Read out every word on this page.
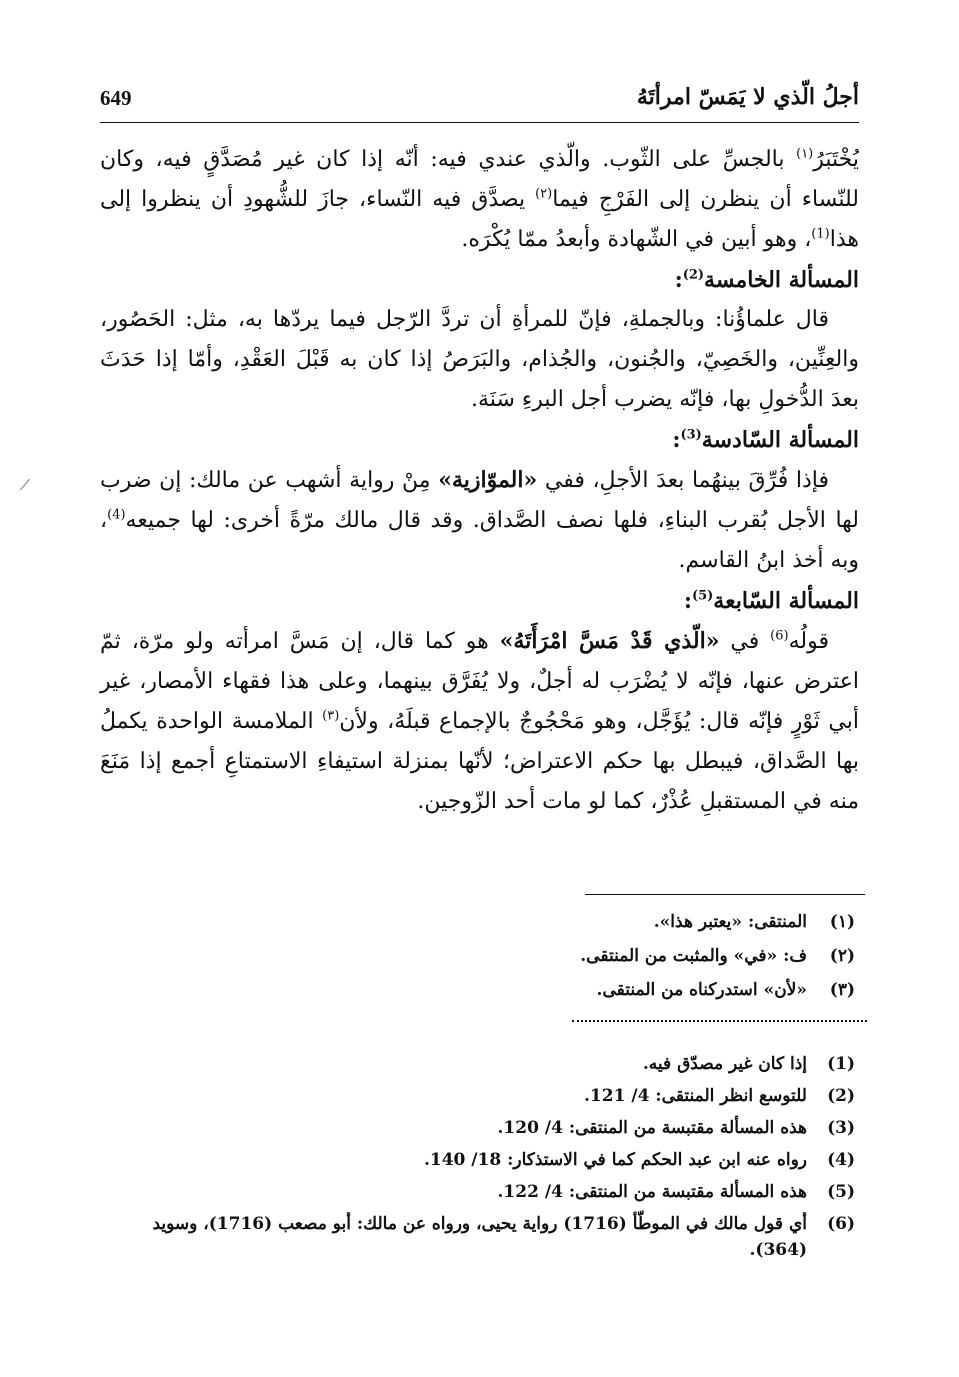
أجلُ الّذي لا يَمَسّ امرأتَهُ
649

يُخْتَبَرُ$^{(١)}$ بالجسِّ على الثّوب. والّذي عندي فيه: أنّه إذا كان غير مُصَدَّقٍ فيه، وكان للنّساء أن ينظرن إلى الفَرْجِ فيما$^{(٢)}$ يصدَّق فيه النّساء، جازَ للشُّهودِ أن ينظروا إلى هذا$^{(1)}$، وهو أبين في الشّهادة وأبعدُ ممّا يُكْرَه.

المسألة الخامسة$^{(2)}$:

قال علماؤُنا: وبالجملةِ، فإنّ للمرأةِ أن تردَّ الرّجل فيما يردّها به، مثل: الحَصُور، والعِنِّين، والخَصِيّ، والجُنون، والجُذام، والبَرَصُ إذا كان به قَبْلَ العَقْدِ، وأمّا إذا حَدَثَ بعدَ الدُّخولِ بها، فإنّه يضرب أجل البرءِ سَنَة.

المسألة السّادسة$^{(3)}$:

فإذا فُرِّقَ بينهُما بعدَ الأجلِ، ففي «الموّازية» مِنْ رواية أشهب عن مالك: إن ضرب لها الأجل بُقرب البناءِ، فلها نصف الصَّداق. وقد قال مالك مرّةً أخرى: لها جميعه$^{(4)}$، وبه أخذ ابنُ القاسم.

المسألة السّابعة$^{(5)}$:

قولُه$^{(6)}$ في «الّذي قَدْ مَسَّ امْرَأَتَهُ» هو كما قال، إن مَسَّ امرأته ولو مرّة، ثمّ اعترض عنها، فإنّه لا يُضْرَب له أجلٌ، ولا يُفَرَّق بينهما، وعلى هذا فقهاء الأمصار، غير أبي ثَوْرٍ فإنّه قال: يُؤَجَّل، وهو مَحْجُوجٌ بالإجماع قبلَهُ، ولأن$^{(٣)}$ الملامسة الواحدة يكملُ بها الصَّداق، فيبطل بها حكم الاعتراض؛ لأنّها بمنزلة استيفاءِ الاستمتاعِ أجمع إذا مَنَعَ منه في المستقبلِ عُذْرٌ، كما لو مات أحد الزّوجين.

(١)
المنتقى: «يعتبر هذا».
(٢)
ف: «في» والمثبت من المنتقى.
(٣)
«لأن» استدركناه من المنتقى.
(1)
إذا كان غير مصدّق فيه.
(2)
للتوسع انظر المنتقى: 4/ 121.
(3)
هذه المسألة مقتبسة من المنتقى: 4/ 120.
(4)
رواه عنه ابن عبد الحكم كما في الاستذكار: 18/ 140.
(5)
هذه المسألة مقتبسة من المنتقى: 4/ 122.
(6)
أي قول مالك في الموطّأ (1716) رواية يحيى، ورواه عن مالك: أبو مصعب (1716)، وسويد (364).
